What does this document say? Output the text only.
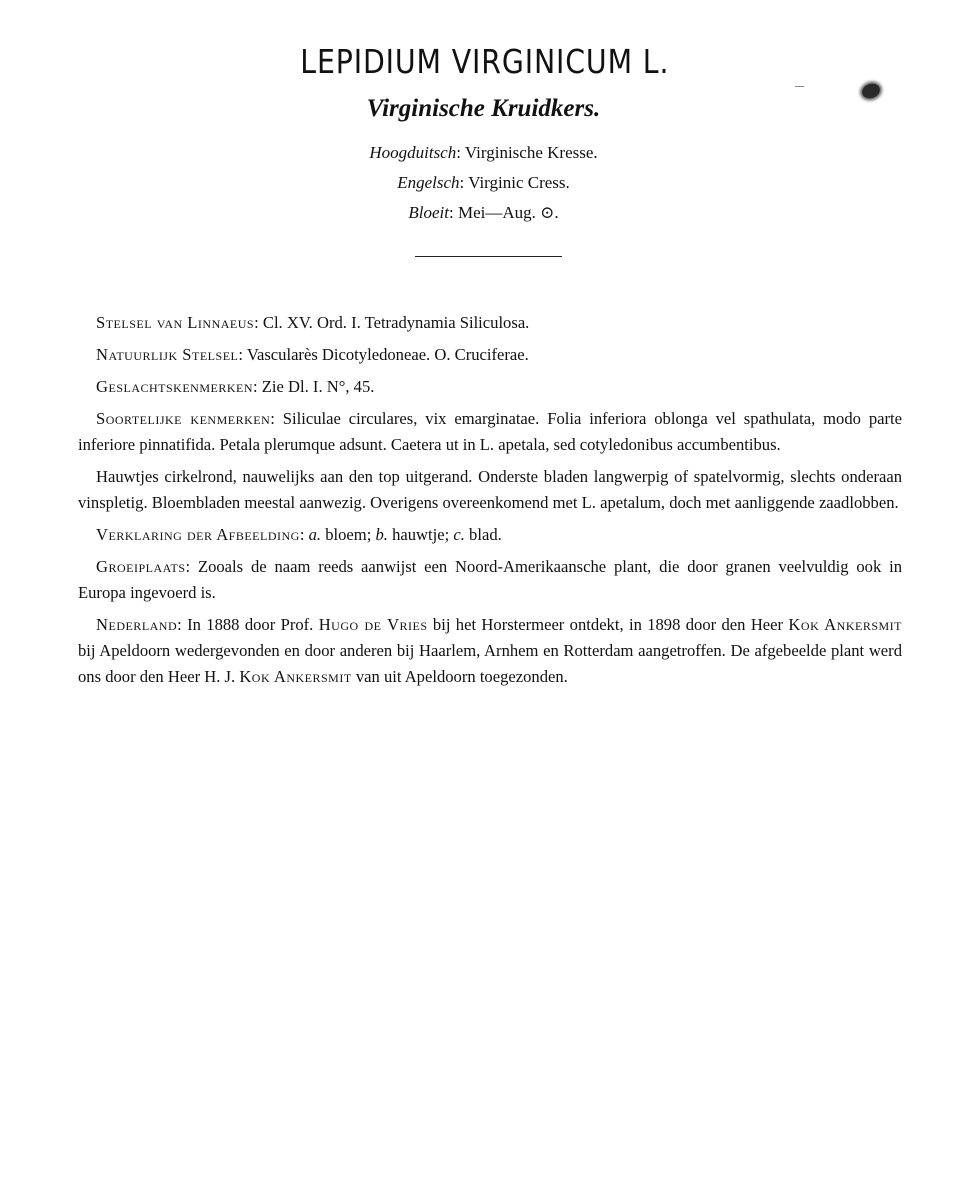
LEPIDIUM VIRGINICUM L.
Virginische Kruidkers.
Hoogduitsch: Virginische Kresse.
Engelsch: Virginic Cress.
Bloeit: Mei—Aug. ⊙.

Stelsel van Linnaeus: Cl. XV. Ord. I. Tetradynamia Siliculosa.

Natuurlijk Stelsel: Vascularès Dicotyledoneae. O. Cruciferae.

Geslachtskenmerken: Zie Dl. I. N°, 45.

Soortelijke kenmerken: Siliculae circulares, vix emarginatae. Folia inferiora oblonga vel spathulata, modo parte inferiore pinnatifida. Petala plerumque adsunt. Caetera ut in L. apetala, sed cotyledonibus accumbentibus.

Hauwtjes cirkelrond, nauwelijks aan den top uitgerand. Onderste bladen langwerpig of spatelvormig, slechts onderaan vinspletig. Bloembladen meestal aanwezig. Overigens overeenkomend met L. apetalum, doch met aanliggende zaadlobben.

Verklaring der Afbeelding: a. bloem; b. hauwtje; c. blad.

Groeiplaats: Zooals de naam reeds aanwijst een Noord-Amerikaansche plant, die door granen veelvuldig ook in Europa ingevoerd is.

Nederland: In 1888 door Prof. Hugo de Vries bij het Horstermeer ontdekt, in 1898 door den Heer Kok Ankersmit bij Apeldoorn wedergevonden en door anderen bij Haarlem, Arnhem en Rotterdam aangetroffen. De afgebeelde plant werd ons door den Heer H. J. Kok Ankersmit van uit Apeldoorn toegezonden.
